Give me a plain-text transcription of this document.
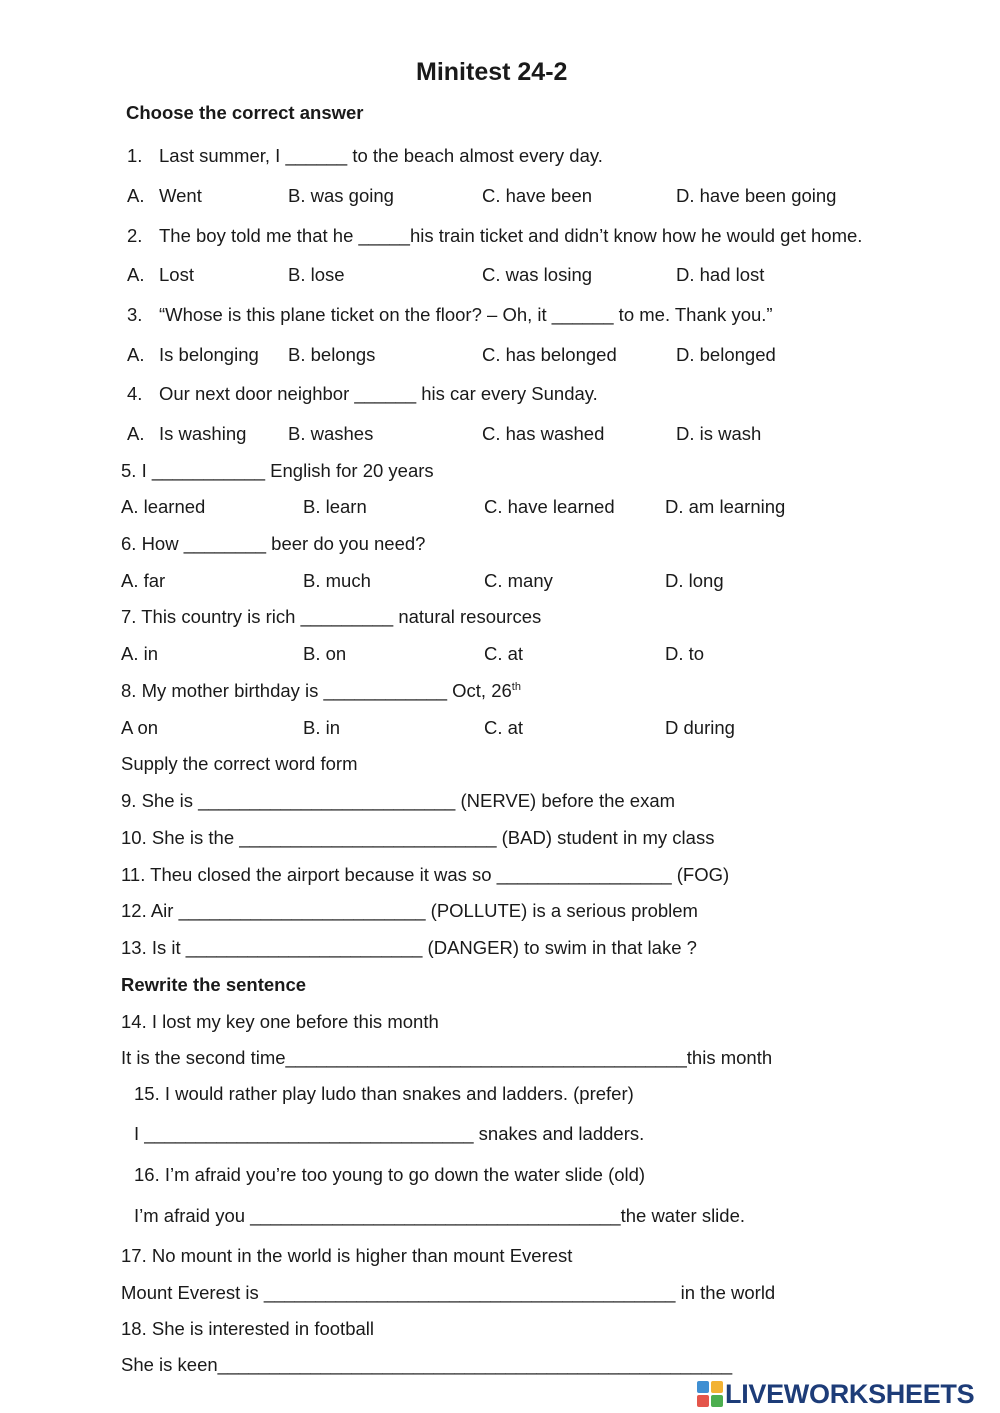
Minitest 24-2
Choose the correct answer
1. Last summer, I ______ to the beach almost every day.
A. Went	B. was going	C. have been	D. have been going
2. The boy told me that he _____his train ticket and didn’t know how he would get home.
A. Lost	B. lose	C. was losing	D. had lost
3. “Whose is this plane ticket on the floor? – Oh, it ______ to me. Thank you.”
A. Is belonging B. belongs	C. has belonged	D. belonged
4. Our next door neighbor ______ his car every Sunday.
A. Is washing B. washes	C. has washed	D. is wash
5. I ___________ English for 20 years
A. learned	B. learn	C. have learned	D. am learning
6. How ________ beer do you need?
A. far	B. much	C. many	D. long
7. This country is rich _________ natural resources
A. in	B. on	C. at	D. to
8. My mother birthday is ____________ Oct, 26th
A on	B. in	C. at	D during
Supply the correct word form
9. She is _________________________ (NERVE) before the exam
10. She is the _________________________ (BAD) student in my class
11. Theu closed the airport because it was so _________________ (FOG)
12. Air ________________________ (POLLUTE) is a serious problem
13. Is it _______________________ (DANGER) to swim in that lake ?
Rewrite the sentence
14. I lost my key one before this month
It is the second time_______________________________________this month
15. I would rather play ludo than snakes and ladders. (prefer)
I ________________________________ snakes and ladders.
16. I’m afraid you’re too young to go down the water slide (old)
I’m afraid you ____________________________________the water slide.
17. No mount in the world is higher than mount Everest
Mount Everest is ________________________________________ in the world
18. She is interested in football
She is keen__________________________________________________
LIVEWORKSHEETS
